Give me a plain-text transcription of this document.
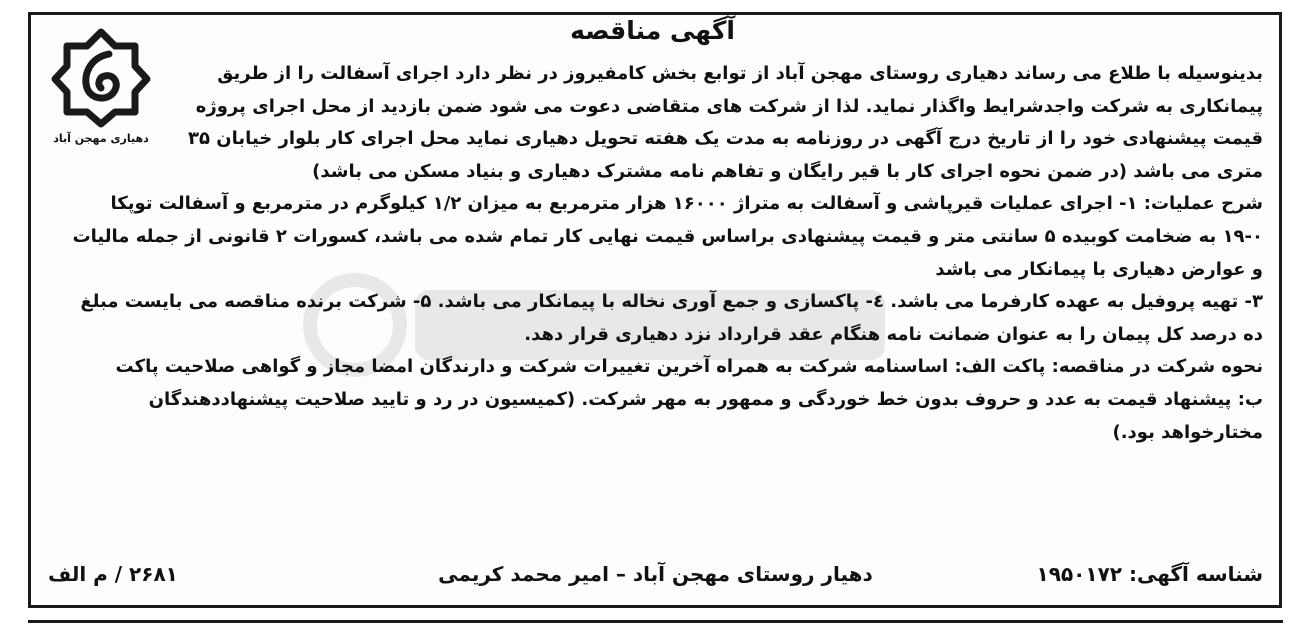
دهیاری مهجن آباد
آگهی مناقصه
بدینوسیله با طلاع می رساند دهیاری روستای مهجن آباد از توابع بخش کامفیروز در نظر دارد اجرای آسفالت را از طریق
پیمانکاری به شرکت واجدشرایط واگذار نماید. لذا از شرکت های متقاضی دعوت می شود ضمن بازدید از محل اجرای پروژه
قیمت پیشنهادی خود را از تاریخ درج آگهی در روزنامه به مدت یک هفته تحویل دهیاری نماید محل اجرای کار بلوار خیابان ۳۵
متری می باشد (در ضمن نحوه اجرای کار با قیر رایگان و تفاهم نامه مشترک دهیاری و بنیاد مسکن می باشد)
شرح عملیات: ۱- اجرای عملیات قیرپاشی و آسفالت به متراژ ۱۶۰۰۰ هزار مترمربع به میزان ۱/۲ کیلوگرم در مترمربع و آسفالت توپکا
۱۹-۰ به ضخامت کوبیده ۵ سانتی متر و قیمت پیشنهادی براساس قیمت نهایی کار تمام شده می باشد، کسورات ۲ قانونی از جمله مالیات
و عوارض دهیاری با پیمانکار می باشد
۳- تهیه پروفیل به عهده کارفرما می باشد. ٤- پاکسازی و جمع آوری نخاله با پیمانکار می باشد. ۵- شرکت برنده مناقصه می بایست مبلغ
ده درصد کل پیمان را به عنوان ضمانت نامه هنگام عقد قرارداد نزد دهیاری قرار دهد.
نحوه شرکت در مناقصه: پاکت الف: اساسنامه شرکت به همراه آخرین تغییرات شرکت و دارندگان امضا مجاز و گواهی صلاحیت پاکت
ب: پیشنهاد قیمت به عدد و حروف بدون خط خوردگی و ممهور به مهر شرکت. (کمیسیون در رد و تایید صلاحیت پیشنهاددهندگان
مختارخواهد بود.)
شناسه آگهی: ۱۹۵۰۱۷۲
دهیار روستای مهجن آباد – امیر محمد کریمی
۲۶۸۱ / م الف
